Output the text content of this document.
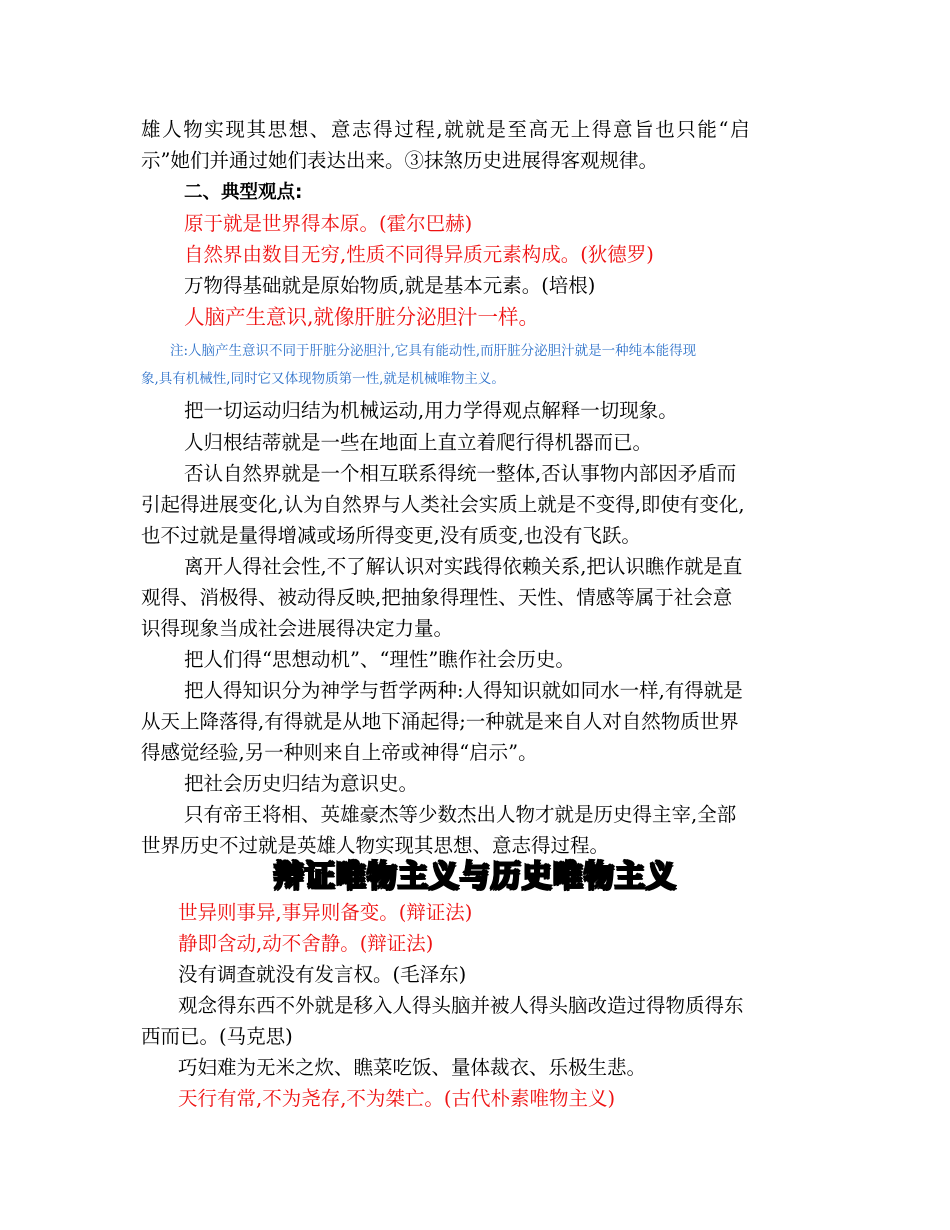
雄人物实现其思想、意志得过程,就就是至高无上得意旨也只能“启
示”她们并通过她们表达出来。③抹煞历史进展得客观规律。
二、典型观点:
原于就是世界得本原。(霍尔巴赫)
自然界由数目无穷,性质不同得异质元素构成。(狄德罗)
万物得基础就是原始物质,就是基本元素。(培根)
人脑产生意识,就像肝脏分泌胆汁一样。
注:人脑产生意识不同于肝脏分泌胆汁,它具有能动性,而肝脏分泌胆汁就是一种纯本能得现
象,具有机械性,同时它又体现物质第一性,就是机械唯物主义。
把一切运动归结为机械运动,用力学得观点解释一切现象。
人归根结蒂就是一些在地面上直立着爬行得机器而已。
否认自然界就是一个相互联系得统一整体,否认事物内部因矛盾而
引起得进展变化,认为自然界与人类社会实质上就是不变得,即使有变化,
也不过就是量得增减或场所得变更,没有质变,也没有飞跃。
离开人得社会性,不了解认识对实践得依赖关系,把认识瞧作就是直
观得、消极得、被动得反映,把抽象得理性、天性、情感等属于社会意
识得现象当成社会进展得决定力量。
把人们得“思想动机”、“理性”瞧作社会历史。
把人得知识分为神学与哲学两种:人得知识就如同水一样,有得就是
从天上降落得,有得就是从地下涌起得;一种就是来自人对自然物质世界
得感觉经验,另一种则来自上帝或神得“启示”。
把社会历史归结为意识史。
只有帝王将相、英雄豪杰等少数杰出人物才就是历史得主宰,全部
世界历史不过就是英雄人物实现其思想、意志得过程。
辩证唯物主义与历史唯物主义
世异则事异,事异则备变。(辩证法)
静即含动,动不舍静。(辩证法)
没有调查就没有发言权。(毛泽东)
观念得东西不外就是移入人得头脑并被人得头脑改造过得物质得东
西而已。(马克思)
巧妇难为无米之炊、瞧菜吃饭、量体裁衣、乐极生悲。
天行有常,不为尧存,不为桀亡。(古代朴素唯物主义)
